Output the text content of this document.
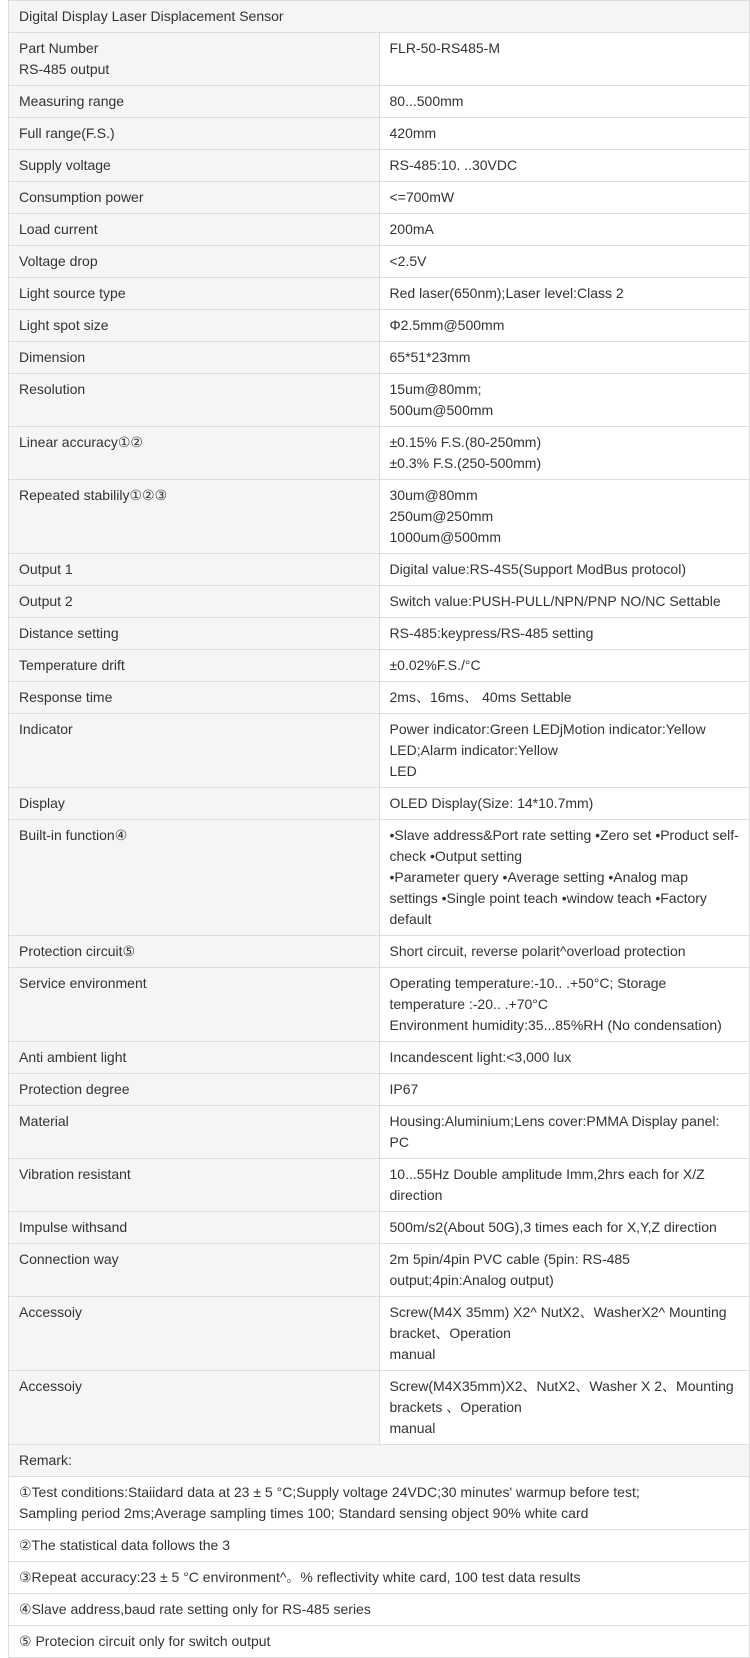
Digital Display Laser Displacement Sensor	

Part Number
RS-485 output	FLR-50-RS485-M

Measuring range	80...500mm

Full range(F.S.)	420mm

Supply voltage	RS-485:10. ..30VDC

Consumption power	<=700mW

Load current	200mA

Voltage drop	<2.5V

Light source type	Red laser(650nm);Laser level:Class 2

Light spot size	Φ2.5mm@500mm

Dimension	65*51*23mm

Resolution	15um@80mm;
500um@500mm

Linear accuracy①②	±0.15% F.S.(80-250mm)
±0.3% F.S.(250-500mm)

Repeated stabilily①②③	30um@80mm
250um@250mm
1000um@500mm

Output 1	Digital value:RS-4S5(Support ModBus protocol)

Output 2	Switch value:PUSH-PULL/NPN/PNP NO/NC Settable

Distance setting	RS-485:keypress/RS-485 setting

Temperature drift	±0.02%F.S./°C

Response time	2ms、16ms、 40ms Settable

Indicator	Power indicator:Green LEDjMotion indicator:Yellow LED;Alarm indicator:Yellow
LED

Display	OLED Display(Size: 14*10.7mm)

Built-in function④	•Slave address&Port rate setting •Zero set •Product self-check •Output setting
•Parameter query •Average setting •Analog map
settings •Single point teach •window teach •Factory default

Protection circuit⑤	Short circuit, reverse polarit^overload protection

Service environment	Operating temperature:-10.. .+50°C; Storage temperature :-20.. .+70°C
Environment humidity:35...85%RH (No condensation)

Anti ambient light	Incandescent light:<3,000 lux

Protection degree	IP67

Material	Housing:Aluminium;Lens cover:PMMA Display panel: PC

Vibration resistant	10...55Hz Double amplitude Imm,2hrs each for X/Z direction

Impulse withsand	500m/s2(About 50G),3 times each for X,Y,Z direction

Connection way	2m 5pin/4pin PVC cable (5pin: RS-485 output;4pin:Analog output)

Accessoiy	Screw(M4X 35mm) X2^ NutX2、WasherX2^ Mounting bracket、Operation
manual

Accessoiy	Screw(M4X35mm)X2、NutX2、Washer X 2、Mounting brackets 、Operation
manual

Remark:	

①Test conditions:Staiidard data at 23 ± 5 °C;Supply voltage 24VDC;30 minutes' warmup before test;
Sampling period 2ms;Average sampling times 100; Standard sensing object 90% white card	

②The statistical data follows the 3	

③Repeat accuracy:23 ± 5 °C environment^。% reflectivity white card, 100 test data results	

④Slave address,baud rate setting only for RS-485 series	

⑤ Protecion circuit only for switch output	
